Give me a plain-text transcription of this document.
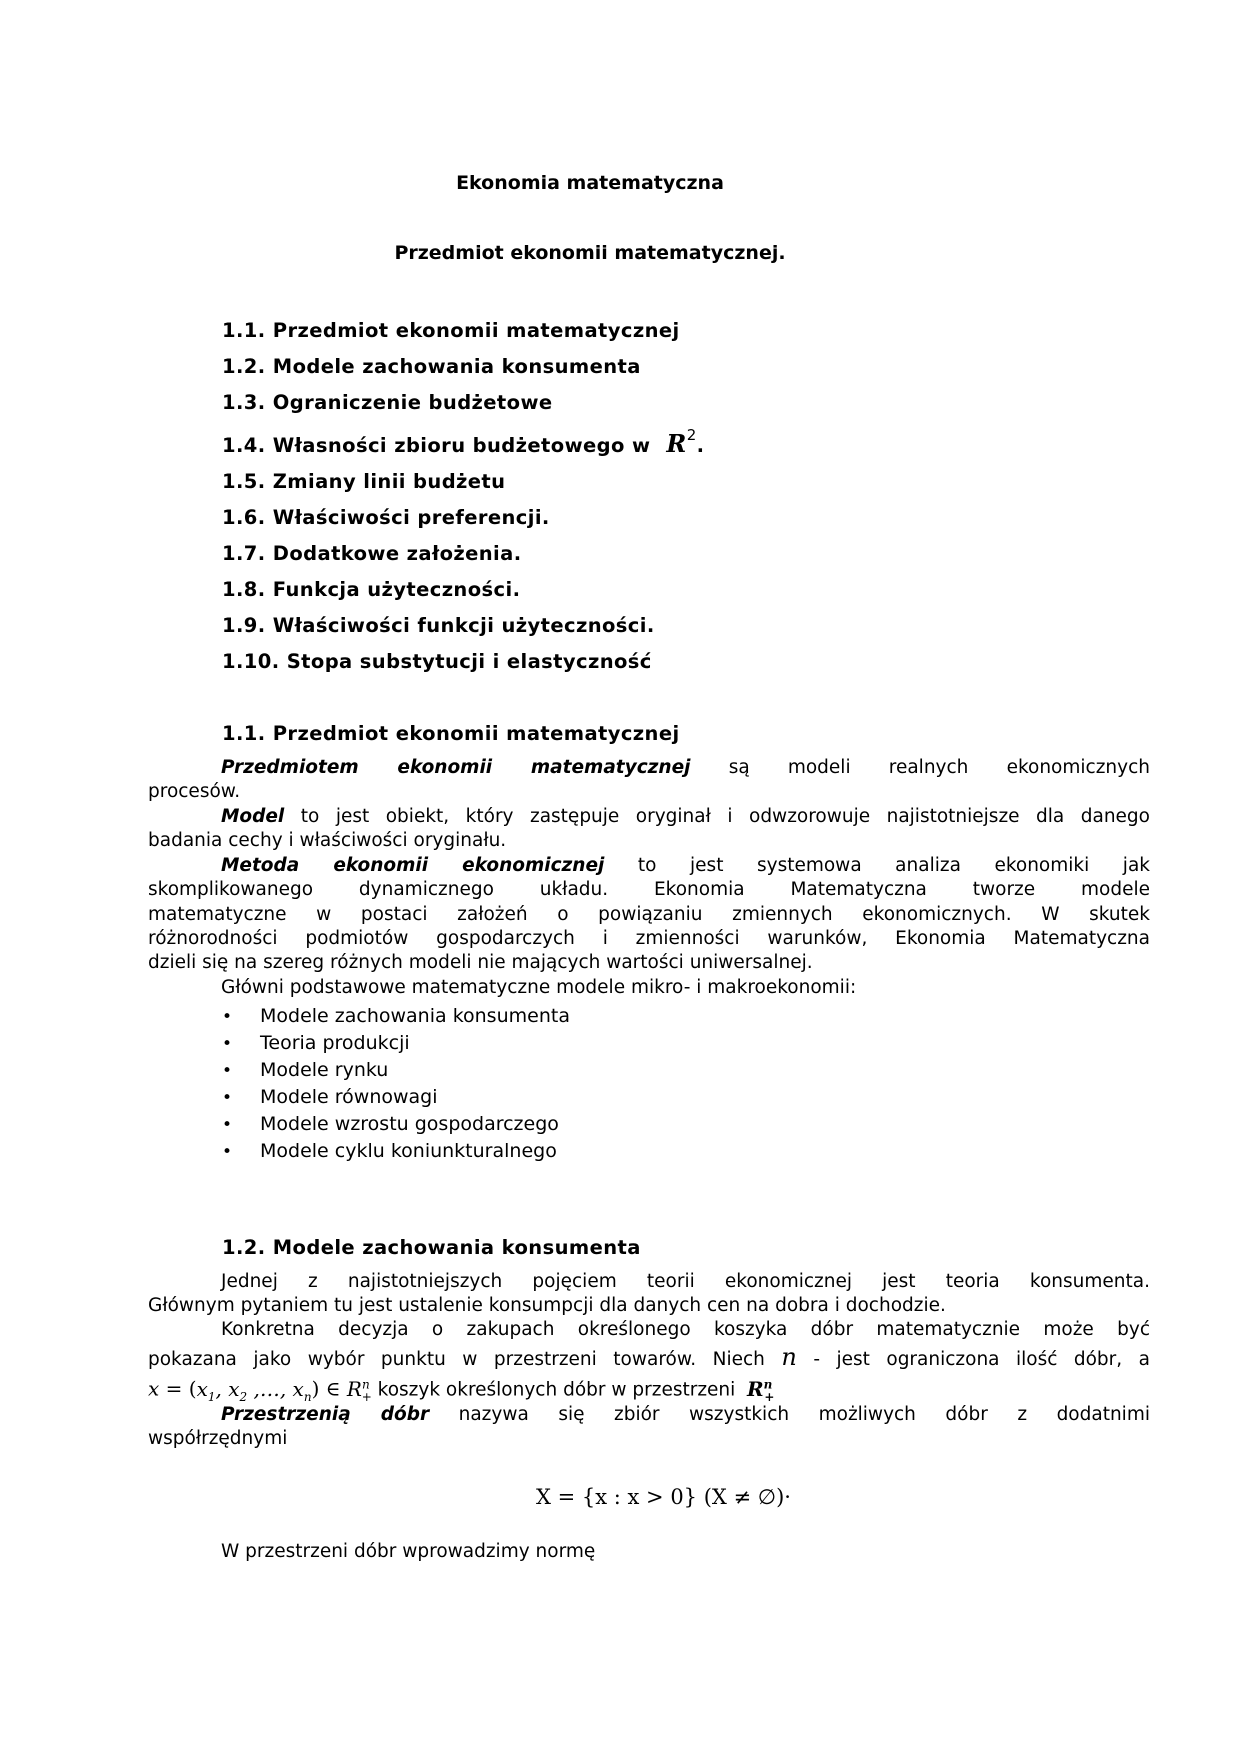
Ekonomia matematyczna
Przedmiot ekonomii matematycznej.
1.1. Przedmiot ekonomii matematycznej
1.2. Modele zachowania konsumenta
1.3. Ograniczenie budżetowe
1.4. Własności zbioru budżetowego w $R^2$.
1.5. Zmiany linii budżetu
1.6. Właściwości preferencji.
1.7. Dodatkowe założenia.
1.8. Funkcja użyteczności.
1.9. Właściwości funkcji użyteczności.
1.10. Stopa substytucji i elastyczność
1.1. Przedmiot ekonomii matematycznej
Przedmiotem ekonomii matematycznej są modeli realnych ekonomicznych
procesów.
Model to jest obiekt, który zastępuje oryginał i odwzorowuje najistotniejsze dla danego
badania cechy i właściwości oryginału.
Metoda ekonomii ekonomicznej to jest systemowa analiza ekonomiki jak
skomplikowanego dynamicznego układu. Ekonomia Matematyczna tworze modele
matematyczne w postaci założeń o powiązaniu zmiennych ekonomicznych. W skutek
różnorodności podmiotów gospodarczych i zmienności warunków, Ekonomia Matematyczna
dzieli się na szereg różnych modeli nie mających wartości uniwersalnej.
Główni podstawowe matematyczne modele mikro- i makroekonomii:
• Modele zachowania konsumenta
• Teoria produkcji
• Modele rynku
• Modele równowagi
• Modele wzrostu gospodarczego
• Modele cyklu koniunkturalnego
1.2. Modele zachowania konsumenta
Jednej z najistotniejszych pojęciem teorii ekonomicznej jest teoria konsumenta.
Głównym pytaniem tu jest ustalenie konsumpcji dla danych cen na dobra i dochodzie.
Konkretna decyzja o zakupach określonego koszyka dóbr matematycznie może być
pokazana jako wybór punktu w przestrzeni towarów. Niech n - jest ograniczona ilość dóbr, a
$x = (x_1$, $x_2$ ,…, $x_n$) ∈ $R^n_+$ koszyk określonych dóbr w przestrzeni $R^n_+$
Przestrzenią dóbr nazywa się zbiór wszystkich możliwych dóbr z dodatnimi
współrzędnymi
X = {x : x > 0} (X ≠ ∅)·
W przestrzeni dóbr wprowadzimy normę
